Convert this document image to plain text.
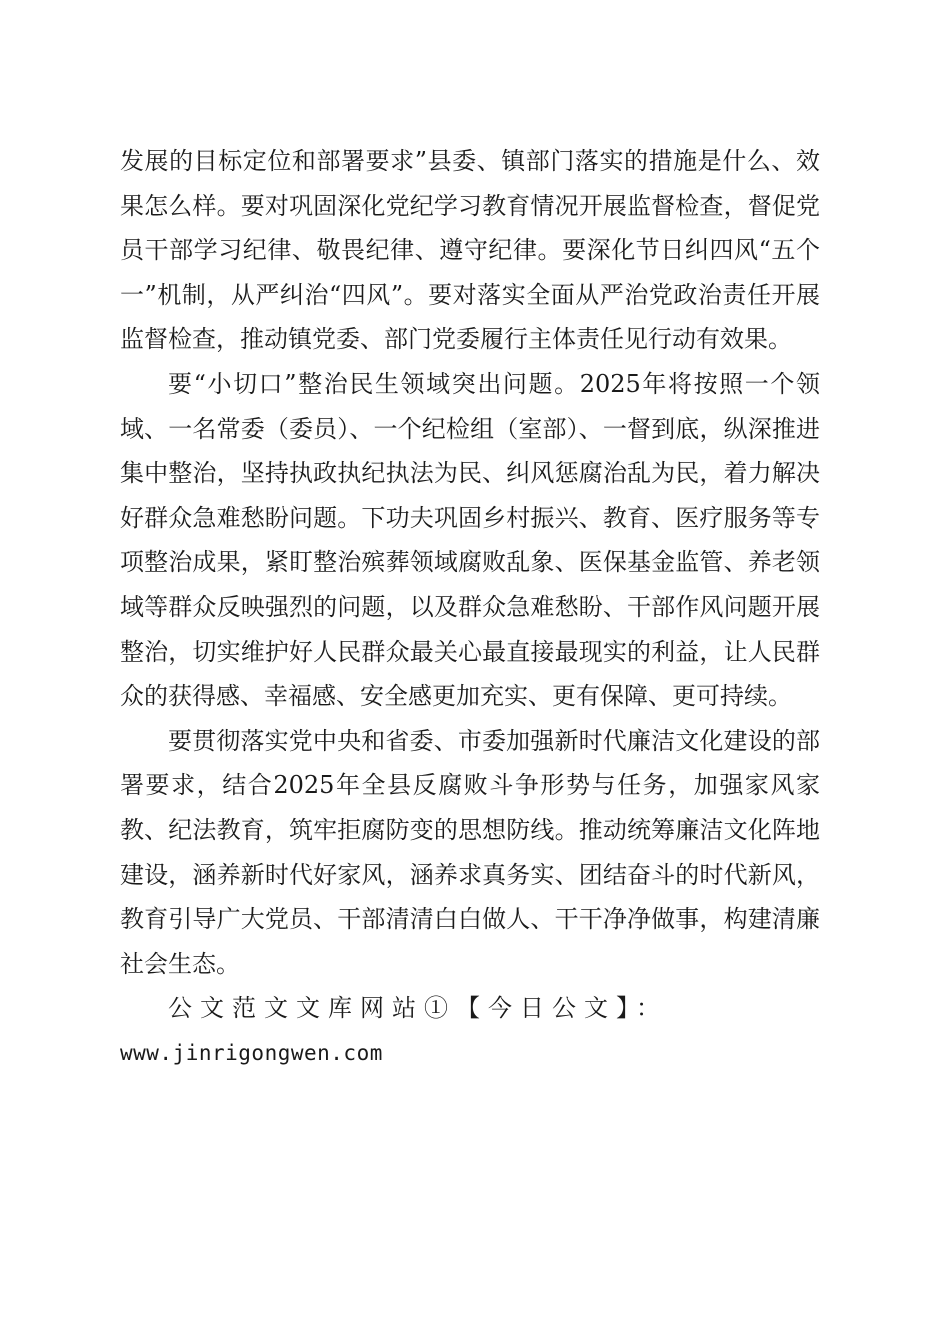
发展的目标定位和部署要求”县委、镇部门落实的措施是什么、效果怎么样。要对巩固深化党纪学习教育情况开展监督检查，督促党员干部学习纪律、敬畏纪律、遵守纪律。要深化节日纠四风“五个一”机制，从严纠治“四风”。要对落实全面从严治党政治责任开展监督检查，推动镇党委、部门党委履行主体责任见行动有效果。

要“小切口”整治民生领域突出问题。2025年将按照一个领域、一名常委（委员）、一个纪检组（室部）、一督到底，纵深推进集中整治，坚持执政执纪执法为民、纠风惩腐治乱为民，着力解决好群众急难愁盼问题。下功夫巩固乡村振兴、教育、医疗服务等专项整治成果，紧盯整治殡葬领域腐败乱象、医保基金监管、养老领域等群众反映强烈的问题，以及群众急难愁盼、干部作风问题开展整治，切实维护好人民群众最关心最直接最现实的利益，让人民群众的获得感、幸福感、安全感更加充实、更有保障、更可持续。

要贯彻落实党中央和省委、市委加强新时代廉洁文化建设的部署要求，结合2025年全县反腐败斗争形势与任务，加强家风家教、纪法教育，筑牢拒腐防变的思想防线。推动统筹廉洁文化阵地建设，涵养新时代好家风，涵养求真务实、团结奋斗的时代新风，教育引导广大党员、干部清清白白做人、干干净净做事，构建清廉社会生态。

公文范文文库网站①【今日公文】：

www.jinrigongwen.com
